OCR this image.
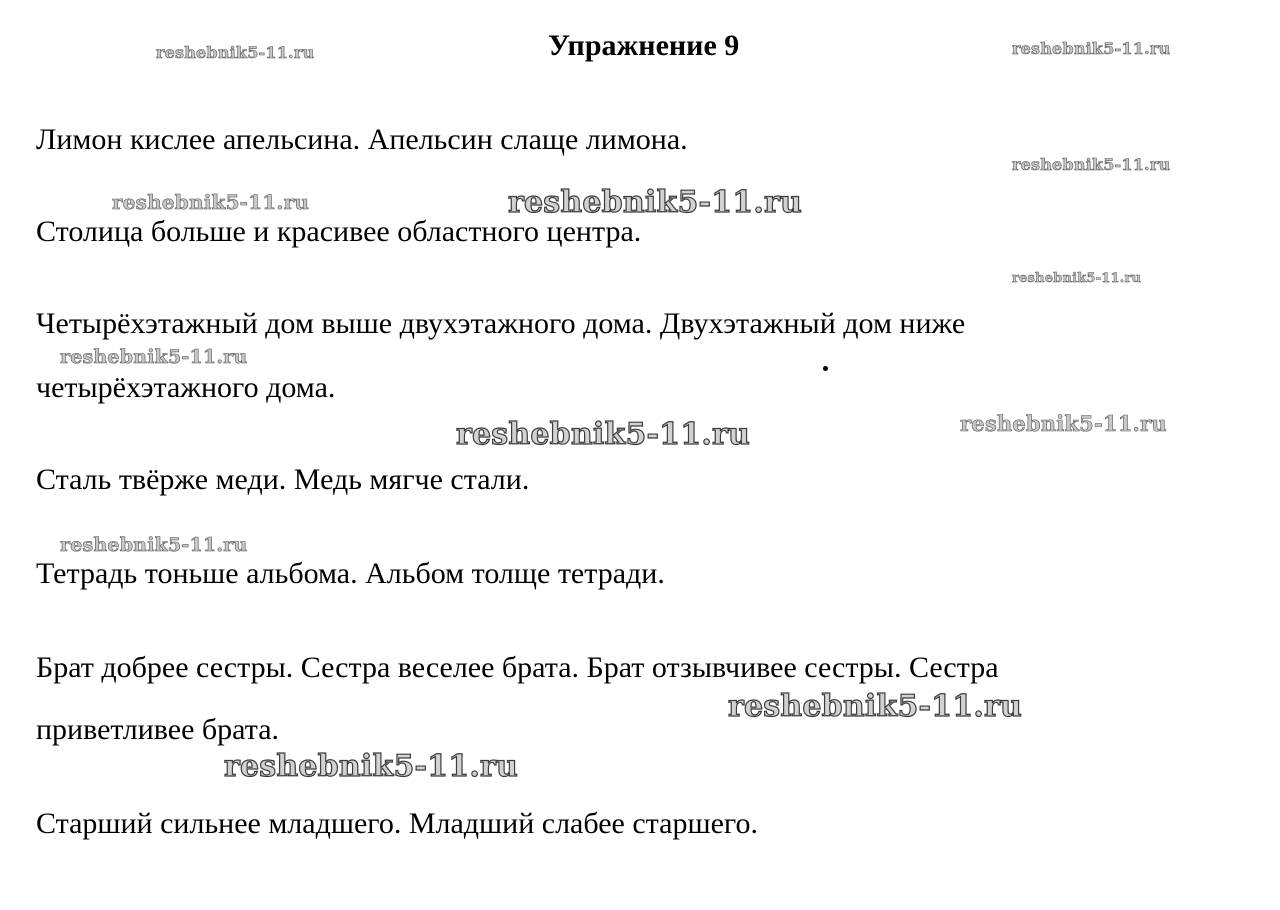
Упражнение 9
Лимон кислее апельсина. Апельсин слаще лимона.
Столица больше и красивее областного центра.
Четырёхэтажный дом выше двухэтажного дома. Двухэтажный дом ниже
четырёхэтажного дома.
Сталь твёрже меди. Медь мягче стали.
Тетрадь тоньше альбома. Альбом толще тетради.
Брат добрее сестры. Сестра веселее брата. Брат отзывчивее сестры. Сестра
приветливее брата.
Старший сильнее младшего. Младший слабее старшего.
reshebnik5-11.ru	reshebnik5-11.ru
reshebnik5-11.ru
reshebnik5-11.ru	reshebnik5-11.ru
reshebnik5-11.ru
reshebnik5-11.ru
reshebnik5-11.ru	reshebnik5-11.ru
reshebnik5-11.ru
reshebnik5-11.ru
reshebnik5-11.ru
